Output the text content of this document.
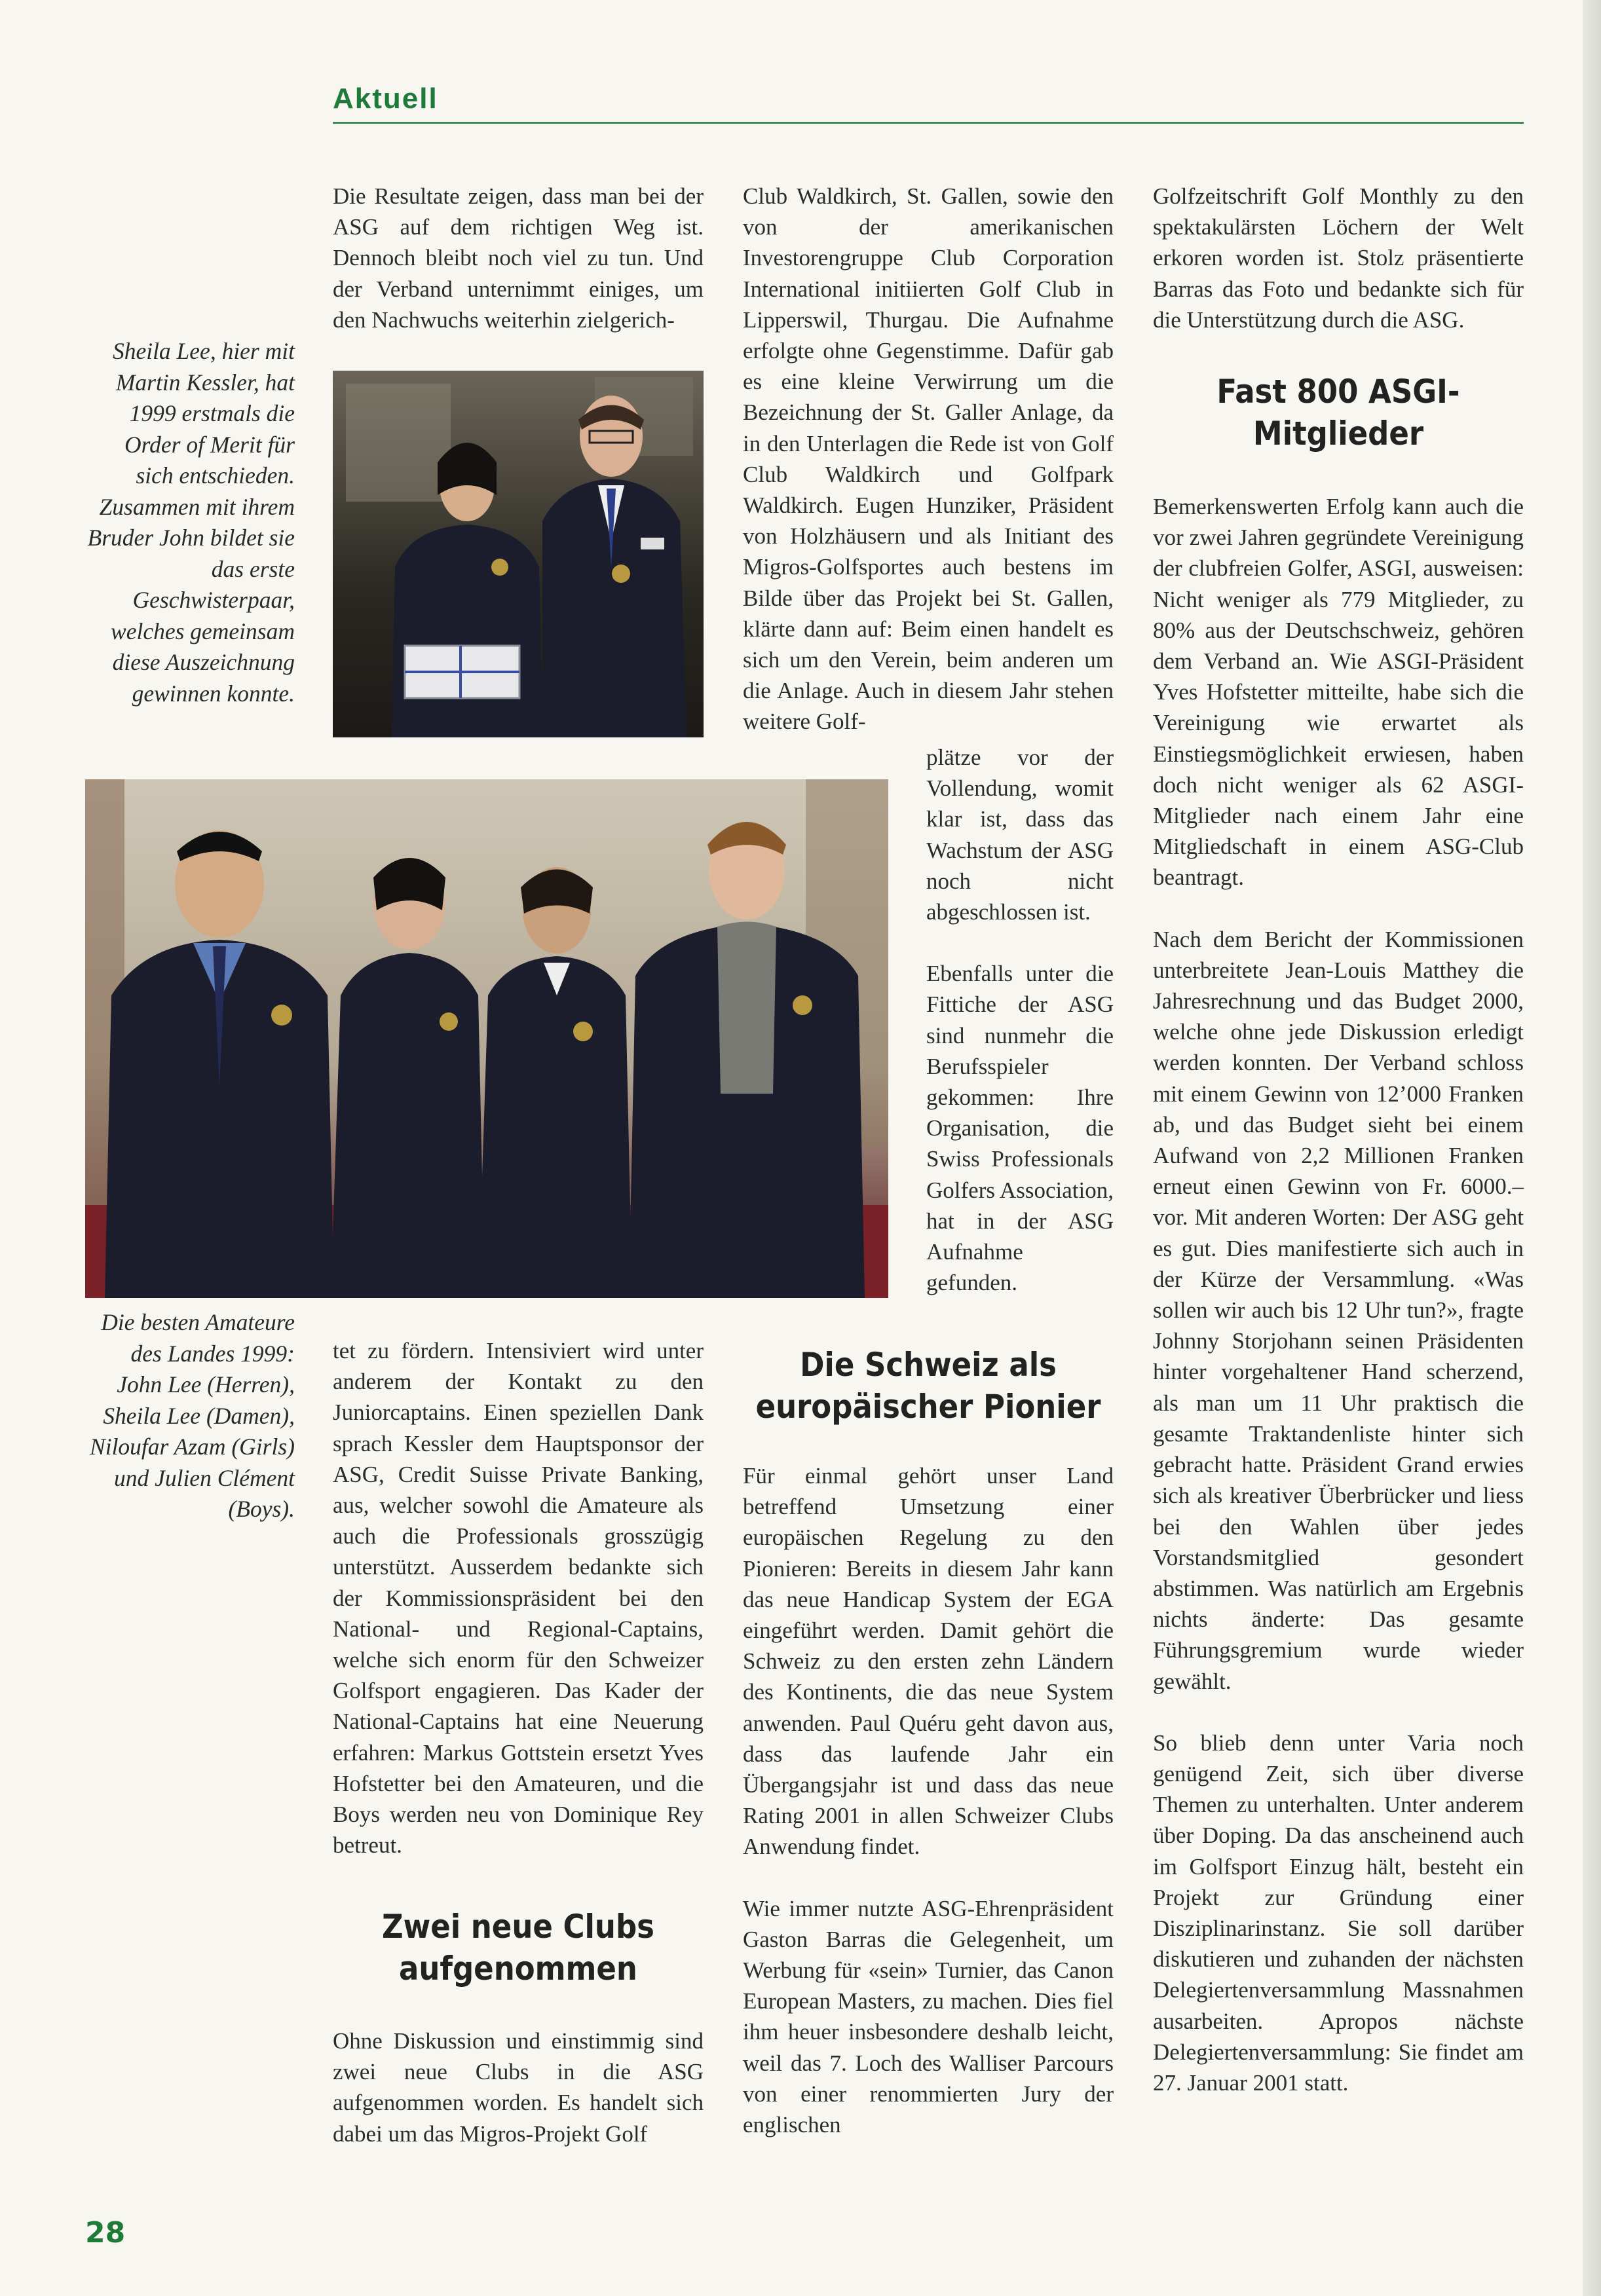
Aktuell
Sheila Lee, hier mit Martin Kessler, hat 1999 erstmals die Order of Merit für sich entschieden. Zusammen mit ihrem Bruder John bildet sie das erste Geschwisterpaar, welches gemeinsam diese Auszeichnung gewinnen konnte.
Die besten Amateure des Landes 1999: John Lee (Herren), Sheila Lee (Damen), Niloufar Azam (Girls) und Julien Clément (Boys).

Die Resultate zeigen, dass man bei der ASG auf dem richtigen Weg ist. Dennoch bleibt noch viel zu tun. Und der Verband unternimmt einiges, um den Nachwuchs weiterhin zielgerich-

tet zu fördern. Intensiviert wird unter anderem der Kontakt zu den Juniorcaptains. Einen speziellen Dank sprach Kessler dem Hauptsponsor der ASG, Credit Suisse Private Banking, aus, welcher sowohl die Amateure als auch die Professionals grosszügig unterstützt. Ausserdem bedankte sich der Kommissionspräsident bei den National- und Regional-Captains, welche sich enorm für den Schweizer Golfsport engagieren. Das Kader der National-Captains hat eine Neuerung erfahren: Markus Gottstein ersetzt Yves Hofstetter bei den Amateuren, und die Boys werden neu von Dominique Rey betreut.

Zwei neue Clubs aufgenommen

Ohne Diskussion und einstimmig sind zwei neue Clubs in die ASG aufgenommen worden. Es handelt sich dabei um das Migros-Projekt Golf

Club Waldkirch, St. Gallen, sowie den von der amerikanischen Investorengruppe Club Corporation International initiierten Golf Club in Lipperswil, Thurgau. Die Aufnahme erfolgte ohne Gegenstimme. Dafür gab es eine kleine Verwirrung um die Bezeichnung der St. Galler Anlage, da in den Unterlagen die Rede ist von Golf Club Waldkirch und Golfpark Waldkirch. Eugen Hunziker, Präsident von Holzhäusern und als Initiant des Migros-Golfsportes auch bestens im Bilde über das Projekt bei St. Gallen, klärte dann auf: Beim einen handelt es sich um den Verein, beim anderen um die Anlage. Auch in diesem Jahr stehen weitere Golf-

plätze vor der Vollendung, womit klar ist, dass das Wachstum der ASG noch nicht abgeschlossen ist.

Ebenfalls unter die Fittiche der ASG sind nunmehr die Berufsspieler gekommen: Ihre Organisation, die Swiss Professionals Golfers Association, hat in der ASG Aufnahme gefunden.

Die Schweiz als europäischer Pionier

Für einmal gehört unser Land betreffend Umsetzung einer europäischen Regelung zu den Pionieren: Bereits in diesem Jahr kann das neue Handicap System der EGA eingeführt werden. Damit gehört die Schweiz zu den ersten zehn Ländern des Kontinents, die das neue System anwenden. Paul Quéru geht davon aus, dass das laufende Jahr ein Übergangsjahr ist und dass das neue Rating 2001 in allen Schweizer Clubs Anwendung findet.

Wie immer nutzte ASG-Ehrenpräsident Gaston Barras die Gelegenheit, um Werbung für «sein» Turnier, das Canon European Masters, zu machen. Dies fiel ihm heuer insbesondere deshalb leicht, weil das 7. Loch des Walliser Parcours von einer renommierten Jury der englischen

Golfzeitschrift Golf Monthly zu den spektakulärsten Löchern der Welt erkoren worden ist. Stolz präsentierte Barras das Foto und bedankte sich für die Unterstützung durch die ASG.

Fast 800 ASGI-Mitglieder

Bemerkenswerten Erfolg kann auch die vor zwei Jahren gegründete Vereinigung der clubfreien Golfer, ASGI, ausweisen: Nicht weniger als 779 Mitglieder, zu 80% aus der Deutschschweiz, gehören dem Verband an. Wie ASGI-Präsident Yves Hofstetter mitteilte, habe sich die Vereinigung wie erwartet als Einstiegsmöglichkeit erwiesen, haben doch nicht weniger als 62 ASGI-Mitglieder nach einem Jahr eine Mitgliedschaft in einem ASG-Club beantragt.

Nach dem Bericht der Kommissionen unterbreitete Jean-Louis Matthey die Jahresrechnung und das Budget 2000, welche ohne jede Diskussion erledigt werden konnten. Der Verband schloss mit einem Gewinn von 12’000 Franken ab, und das Budget sieht bei einem Aufwand von 2,2 Millionen Franken erneut einen Gewinn von Fr. 6000.– vor. Mit anderen Worten: Der ASG geht es gut. Dies manifestierte sich auch in der Kürze der Versammlung. «Was sollen wir auch bis 12 Uhr tun?», fragte Johnny Storjohann seinen Präsidenten hinter vorgehaltener Hand scherzend, als man um 11 Uhr praktisch die gesamte Traktandenliste hinter sich gebracht hatte. Präsident Grand erwies sich als kreativer Überbrücker und liess bei den Wahlen über jedes Vorstandsmitglied gesondert abstimmen. Was natürlich am Ergebnis nichts änderte: Das gesamte Führungsgremium wurde wieder gewählt.

So blieb denn unter Varia noch genügend Zeit, sich über diverse Themen zu unterhalten. Unter anderem über Doping. Da das anscheinend auch im Golfsport Einzug hält, besteht ein Projekt zur Gründung einer Disziplinarinstanz. Sie soll darüber diskutieren und zuhanden der nächsten Delegiertenversammlung Massnahmen ausarbeiten. Apropos nächste Delegiertenversammlung: Sie findet am 27. Januar 2001 statt.

28
